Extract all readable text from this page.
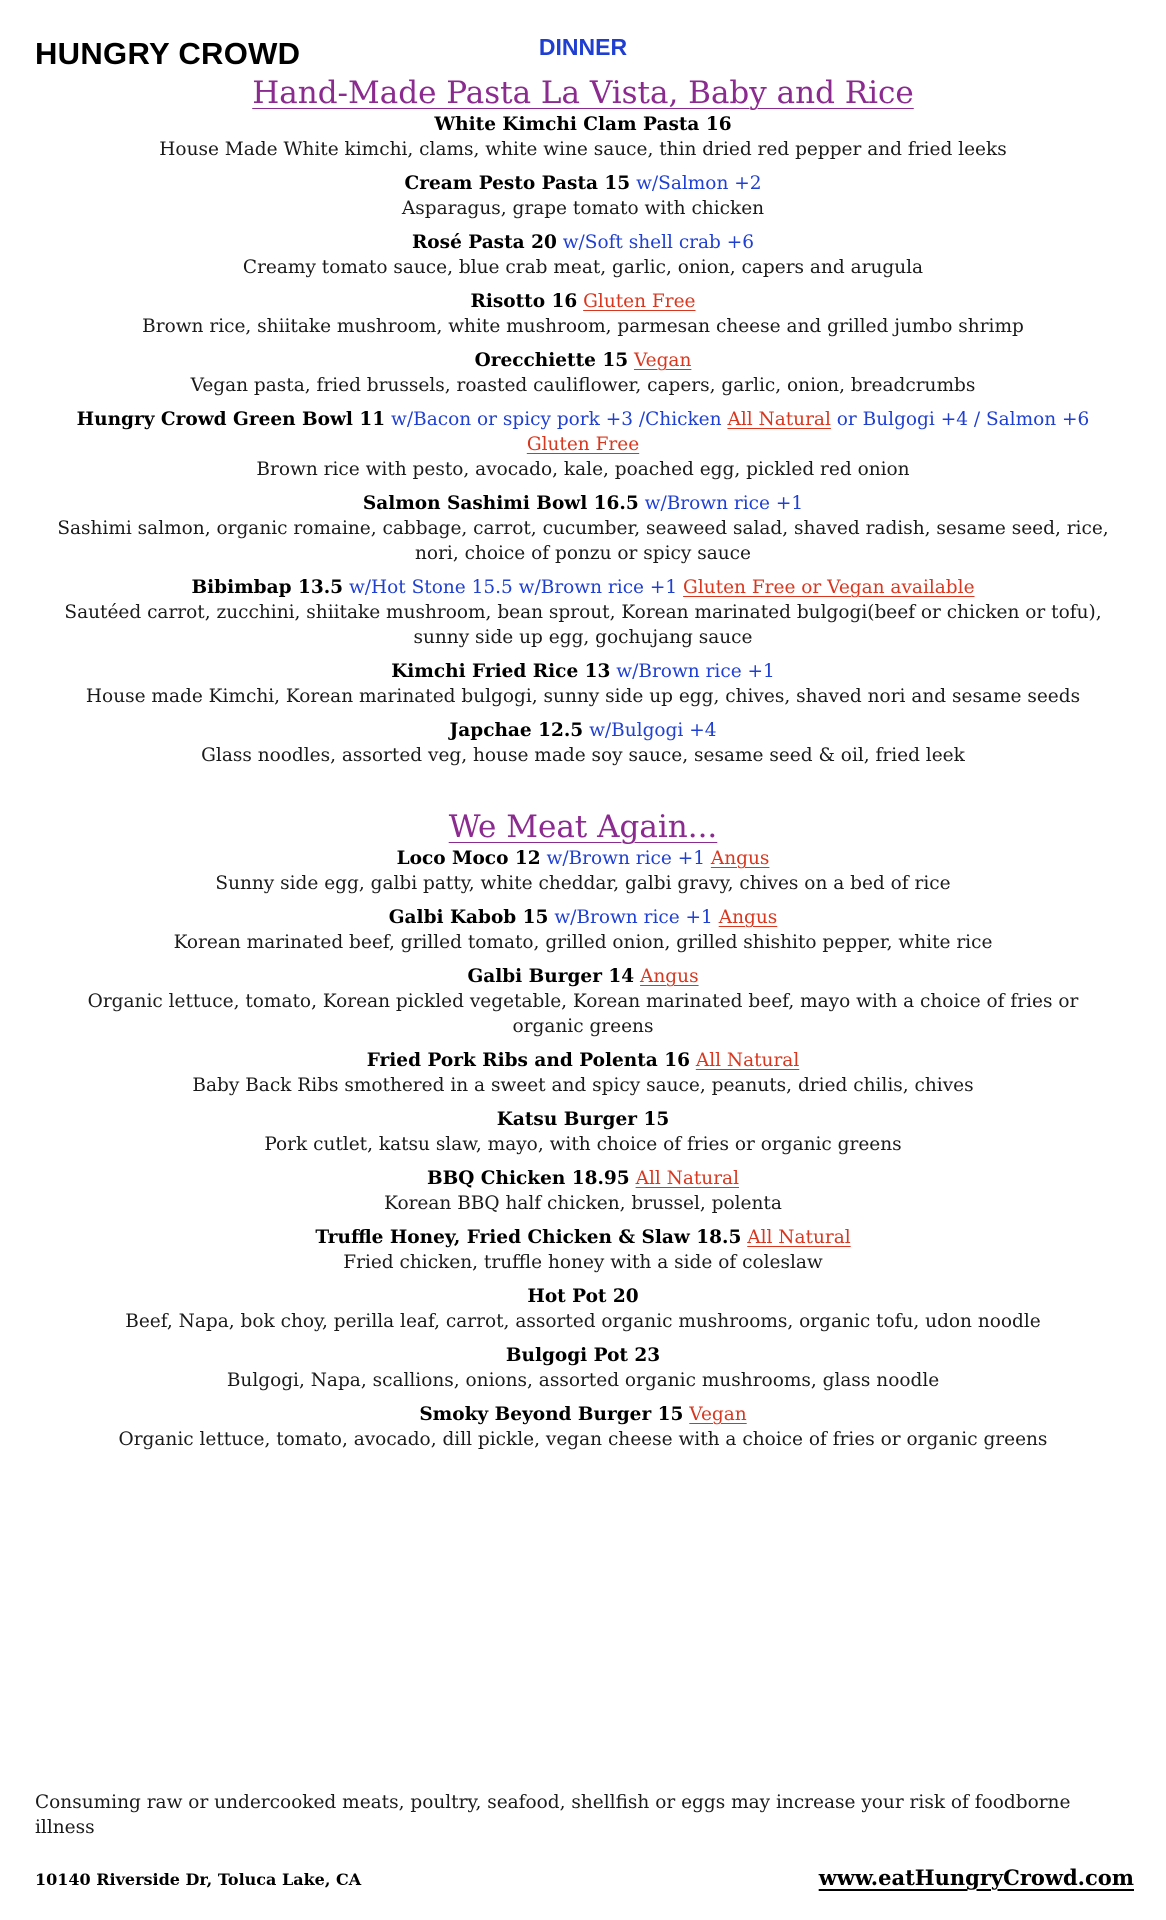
HUNGRY CROWD	DINNER
Hand-Made Pasta La Vista, Baby and Rice
White Kimchi Clam Pasta 16
House Made White kimchi, clams, white wine sauce, thin dried red pepper and fried leeks
Cream Pesto Pasta 15 w/Salmon +2
Asparagus, grape tomato with chicken
Rosé Pasta 20 w/Soft shell crab +6
Creamy tomato sauce, blue crab meat, garlic, onion, capers and arugula
Risotto 16 Gluten Free
Brown rice, shiitake mushroom, white mushroom, parmesan cheese and grilled jumbo shrimp
Orecchiette 15 Vegan
Vegan pasta, fried brussels, roasted cauliflower, capers, garlic, onion, breadcrumbs
Hungry Crowd Green Bowl 11 w/Bacon or spicy pork +3 /Chicken All Natural or Bulgogi +4 / Salmon +6
Gluten Free
Brown rice with pesto, avocado, kale, poached egg, pickled red onion
Salmon Sashimi Bowl 16.5 w/Brown rice +1
Sashimi salmon, organic romaine, cabbage, carrot, cucumber, seaweed salad, shaved radish, sesame seed, rice, nori, choice of ponzu or spicy sauce
Bibimbap 13.5 w/Hot Stone 15.5 w/Brown rice +1 Gluten Free or Vegan available
Sautéed carrot, zucchini, shiitake mushroom, bean sprout, Korean marinated bulgogi(beef or chicken or tofu), sunny side up egg, gochujang sauce
Kimchi Fried Rice 13 w/Brown rice +1
House made Kimchi, Korean marinated bulgogi, sunny side up egg, chives, shaved nori and sesame seeds
Japchae 12.5 w/Bulgogi +4
Glass noodles, assorted veg, house made soy sauce, sesame seed & oil, fried leek
We Meat Again...
Loco Moco 12 w/Brown rice +1 Angus
Sunny side egg, galbi patty, white cheddar, galbi gravy, chives on a bed of rice
Galbi Kabob 15 w/Brown rice +1 Angus
Korean marinated beef, grilled tomato, grilled onion, grilled shishito pepper, white rice
Galbi Burger 14 Angus
Organic lettuce, tomato, Korean pickled vegetable, Korean marinated beef, mayo with a choice of fries or organic greens
Fried Pork Ribs and Polenta 16 All Natural
Baby Back Ribs smothered in a sweet and spicy sauce, peanuts, dried chilis, chives
Katsu Burger 15
Pork cutlet, katsu slaw, mayo, with choice of fries or organic greens
BBQ Chicken 18.95 All Natural
Korean BBQ half chicken, brussel, polenta
Truffle Honey, Fried Chicken & Slaw 18.5 All Natural
Fried chicken, truffle honey with a side of coleslaw
Hot Pot 20
Beef, Napa, bok choy, perilla leaf, carrot, assorted organic mushrooms, organic tofu, udon noodle
Bulgogi Pot 23
Bulgogi, Napa, scallions, onions, assorted organic mushrooms, glass noodle
Smoky Beyond Burger 15 Vegan
Organic lettuce, tomato, avocado, dill pickle, vegan cheese with a choice of fries or organic greens
Consuming raw or undercooked meats, poultry, seafood, shellfish or eggs may increase your risk of foodborne illness
10140 Riverside Dr, Toluca Lake, CA	www.eatHungryCrowd.com
